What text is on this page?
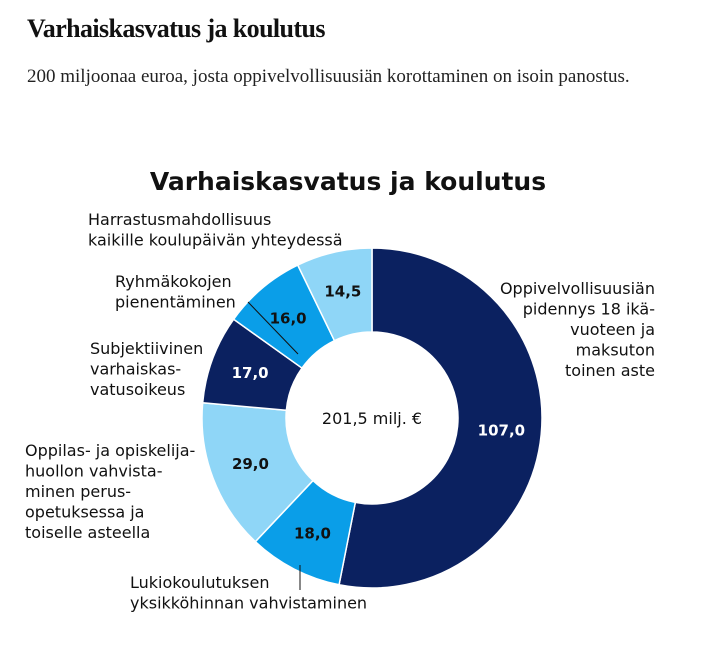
Varhaiskasvatus ja koulutus

200 miljoonaa euroa, josta oppivelvollisuusiän korottaminen on isoin panostus.

Varhaiskasvatus ja koulutus
107,0
18,0
29,0
17,0
16,0
14,5	Oppivelvollisuusiän pidennys 18 ikä-vuoteen ja maksuton toinen aste
Lukiokoulutuksen yksikköhinnan vahvistaminen
Oppilas- ja opiskelija-huollon vahvista-minen perus-opetuksessa ja toiselle asteella
Subjektiivinen varhaiskas-vatusoikeus
Ryhmäkokojen pienentäminen
Harrastusmahdollisuus kaikille koulupäivän yhteydessä
201,5 milj. €
